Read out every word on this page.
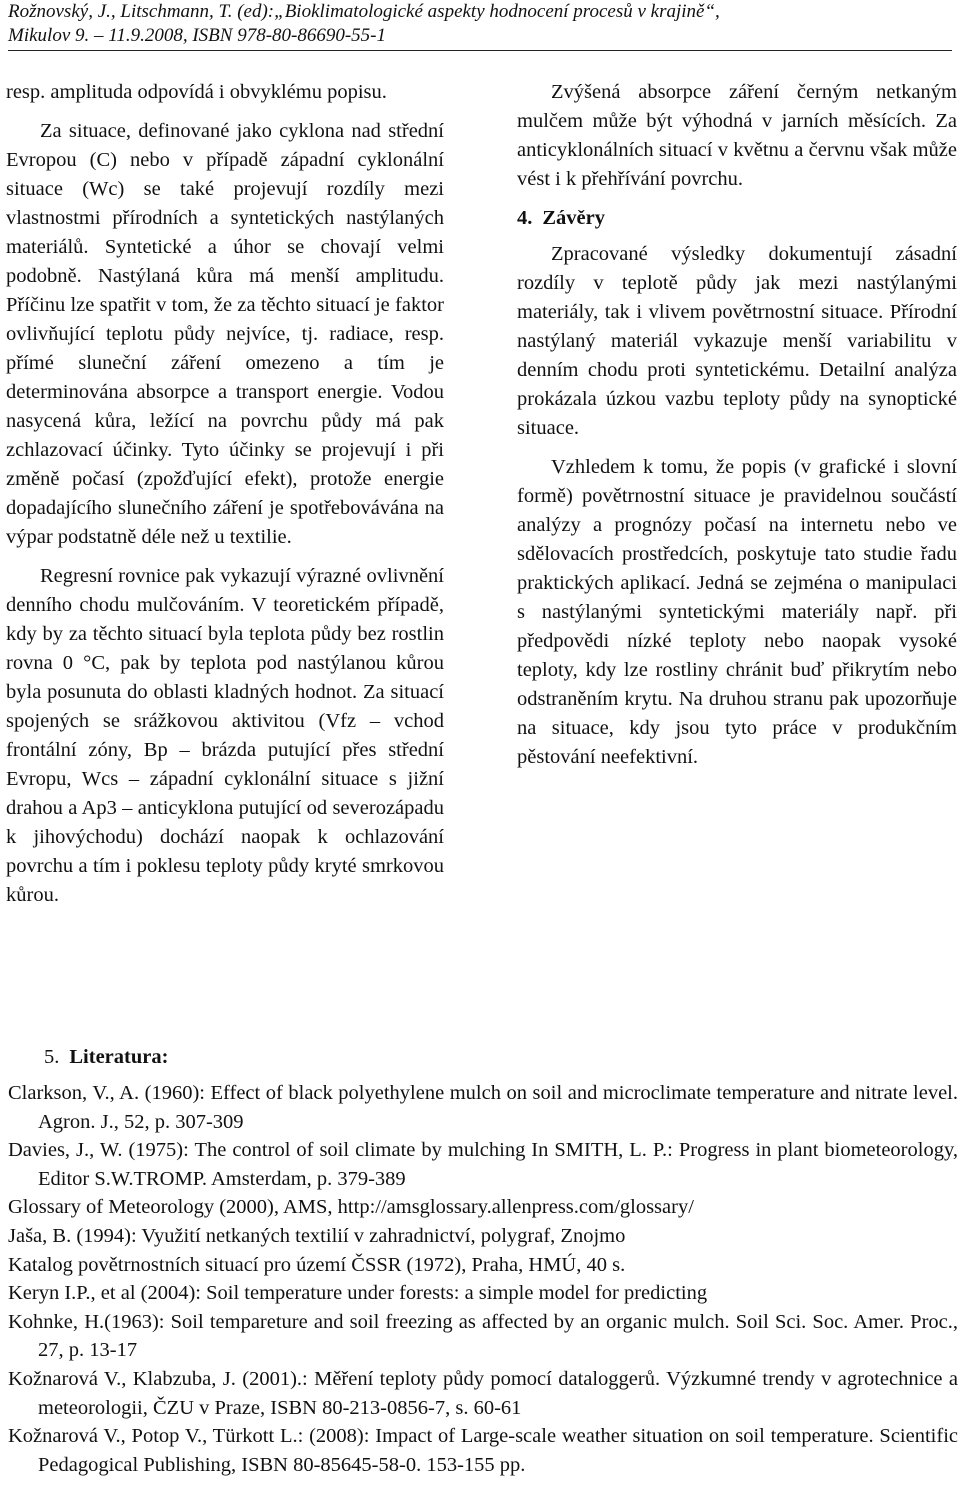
Rožnovský, J., Litschmann, T. (ed):„Bioklimatologické aspekty hodnocení procesů v krajině“,
Mikulov 9. – 11.9.2008, ISBN 978-80-86690-55-1

resp. amplituda odpovídá i obvyklému popisu.

Za situace, definované jako cyklona nad střední Evropou (C) nebo v případě západní cyklonální situace (Wc) se také projevují rozdíly mezi vlastnostmi přírodních a syntetických nastýlaných materiálů. Syntetické a úhor se chovají velmi podobně. Nastýlaná kůra má menší amplitudu. Příčinu lze spatřit v tom, že za těchto situací je faktor ovlivňující teplotu půdy nejvíce, tj. radiace, resp. přímé sluneční záření omezeno a tím je determinována absorpce a transport energie. Vodou nasycená kůra, ležící na povrchu půdy má pak zchlazovací účinky. Tyto účinky se projevují i při změně počasí (zpožďující efekt), protože energie dopadajícího slunečního záření je spotřebovávána na výpar podstatně déle než u textilie.

Regresní rovnice pak vykazují výrazné ovlivnění denního chodu mulčováním. V teoretickém případě, kdy by za těchto situací byla teplota půdy bez rostlin rovna 0 °C, pak by teplota pod nastýlanou kůrou byla posunuta do oblasti kladných hodnot. Za situací spojených se srážkovou aktivitou (Vfz – vchod frontální zóny, Bp – brázda putující přes střední Evropu, Wcs – západní cyklonální situace s jižní drahou a Ap3 – anticyklona putující od severozápadu k jihovýchodu) dochází naopak k ochlazování povrchu a tím i poklesu teploty půdy kryté smrkovou kůrou.

Zvýšená absorpce záření černým netkaným mulčem může být výhodná v jarních měsících. Za anticyklonálních situací v květnu a červnu však může vést i k přehřívání povrchu.

4. Závěry

Zpracované výsledky dokumentují zásadní rozdíly v teplotě půdy jak mezi nastýlanými materiály, tak i vlivem povětrnostní situace. Přírodní nastýlaný materiál vykazuje menší variabilitu v denním chodu proti syntetickému. Detailní analýza prokázala úzkou vazbu teploty půdy na synoptické situace.

Vzhledem k tomu, že popis (v grafické i slovní formě) povětrnostní situace je pravidelnou součástí analýzy a prognózy počasí na internetu nebo ve sdělovacích prostředcích, poskytuje tato studie řadu praktických aplikací. Jedná se zejména o manipulaci s nastýlanými syntetickými materiály např. při předpovědi nízké teploty nebo naopak vysoké teploty, kdy lze rostliny chránit buď přikrytím nebo odstraněním krytu. Na druhou stranu pak upozorňuje na situace, kdy jsou tyto práce v produkčním pěstování neefektivní.

5. Literatura:
Clarkson, V., A. (1960): Effect of black polyethylene mulch on soil and microclimate temperature and nitrate level. Agron. J., 52, p. 307-309
Davies, J., W. (1975): The control of soil climate by mulching In SMITH, L. P.: Progress in plant biometeorology, Editor S.W.TROMP. Amsterdam, p. 379-389
Glossary of Meteorology (2000), AMS, http://amsglossary.allenpress.com/glossary/
Jaša, B. (1994): Využití netkaných textilií v zahradnictví, polygraf, Znojmo
Katalog povětrnostních situací pro území ČSSR (1972), Praha, HMÚ, 40 s.
Keryn I.P., et al (2004): Soil temperature under forests: a simple model for predicting
Kohnke, H.(1963): Soil tempareture and soil freezing as affected by an organic mulch. Soil Sci. Soc. Amer. Proc., 27, p. 13-17
Kožnarová V., Klabzuba, J. (2001).: Měření teploty půdy pomocí dataloggerů. Výzkumné trendy v agrotechnice a meteorologii, ČZU v Praze, ISBN 80-213-0856-7, s. 60-61
Kožnarová V., Potop V., Türkott L.: (2008): Impact of Large-scale weather situation on soil temperature. Scientific Pedagogical Publishing, ISBN 80-85645-58-0. 153-155 pp.
